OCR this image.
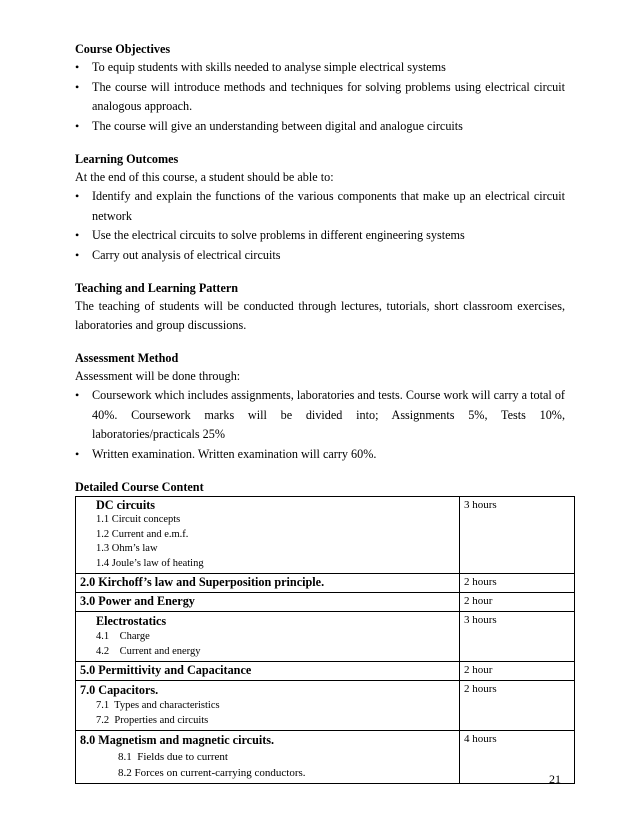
Course Objectives
• To equip students with skills needed to analyse simple electrical systems
• The course will introduce methods and techniques for solving problems using electrical circuit analogous approach.
• The course will give an understanding between digital and analogue circuits
Learning Outcomes
At the end of this course, a student should be able to:
• Identify and explain the functions of the various components that make up an electrical circuit network
• Use the electrical circuits to solve problems in different engineering systems
• Carry out analysis of electrical circuits
Teaching and Learning Pattern
The teaching of students will be conducted through lectures, tutorials, short classroom exercises, laboratories and group discussions.
Assessment Method
Assessment will be done through:
• Coursework which includes assignments, laboratories and tests. Course work will carry a total of 40%. Coursework marks will be divided into; Assignments 5%, Tests 10%, laboratories/practicals 25%
• Written examination. Written examination will carry 60%.
Detailed Course Content
DC circuits
1.1 Circuit concepts
1.2 Current and e.m.f.
1.3 Ohm’s law
1.4 Joule’s law of heating	3 hours

2.0 Kirchoff’s law and Superposition principle.	2 hours

3.0 Power and Energy	2 hour

Electrostatics
4.1    Charge
4.2    Current and energy	3 hours

5.0 Permittivity and Capacitance	2 hour

7.0 Capacitors.
7.1  Types and characteristics
7.2  Properties and circuits	2 hours

8.0 Magnetism and magnetic circuits.
8.1  Fields due to current
8.2 Forces on current-carrying conductors.	4 hours
21
